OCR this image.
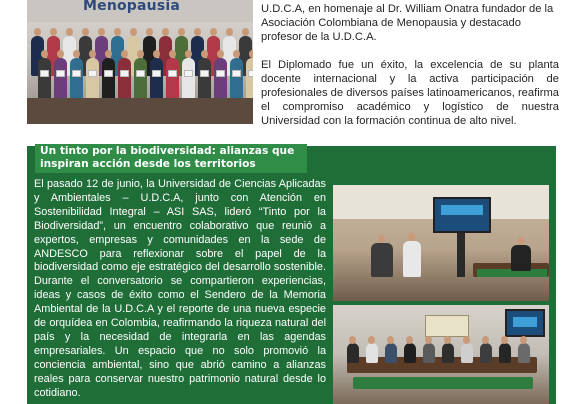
Menopausia	U.D.C.A, en homenaje al Dr. William Onatra fundador de la Asociación Colombiana de Menopausia y destacado profesor de la U.D.C.A.

El Diplomado fue un éxito, la excelencia de su planta docente internacional y la activa participación de profesionales de diversos países latinoamericanos, reafirma el compromiso académico y logístico de nuestra Universidad con la formación continua de alto nivel.

Un tinto por la biodiversidad: alianzas que inspiran acción desde los territorios
El pasado 12 de junio, la Universidad de Ciencias Aplicadas y Ambientales – U.D.C.A, junto con Atención en Sostenibilidad Integral – ASI SAS, lideró “Tinto por la Biodiversidad”, un encuentro colaborativo que reunió a expertos, empresas y comunidades en la sede de ANDESCO para reflexionar sobre el papel de la biodiversidad como eje estratégico del desarrollo sostenible. Durante el conversatorio se compartieron experiencias, ideas y casos de éxito como el Sendero de la Memoria Ambiental de la U.D.C.A y el reporte de una nueva especie de orquídea en Colombia, reafirmando la riqueza natural del país y la necesidad de integrarla en las agendas empresariales. Un espacio que no solo promovió la conciencia ambiental, sino que abrió camino a alianzas reales para conservar nuestro patrimonio natural desde lo cotidiano.
